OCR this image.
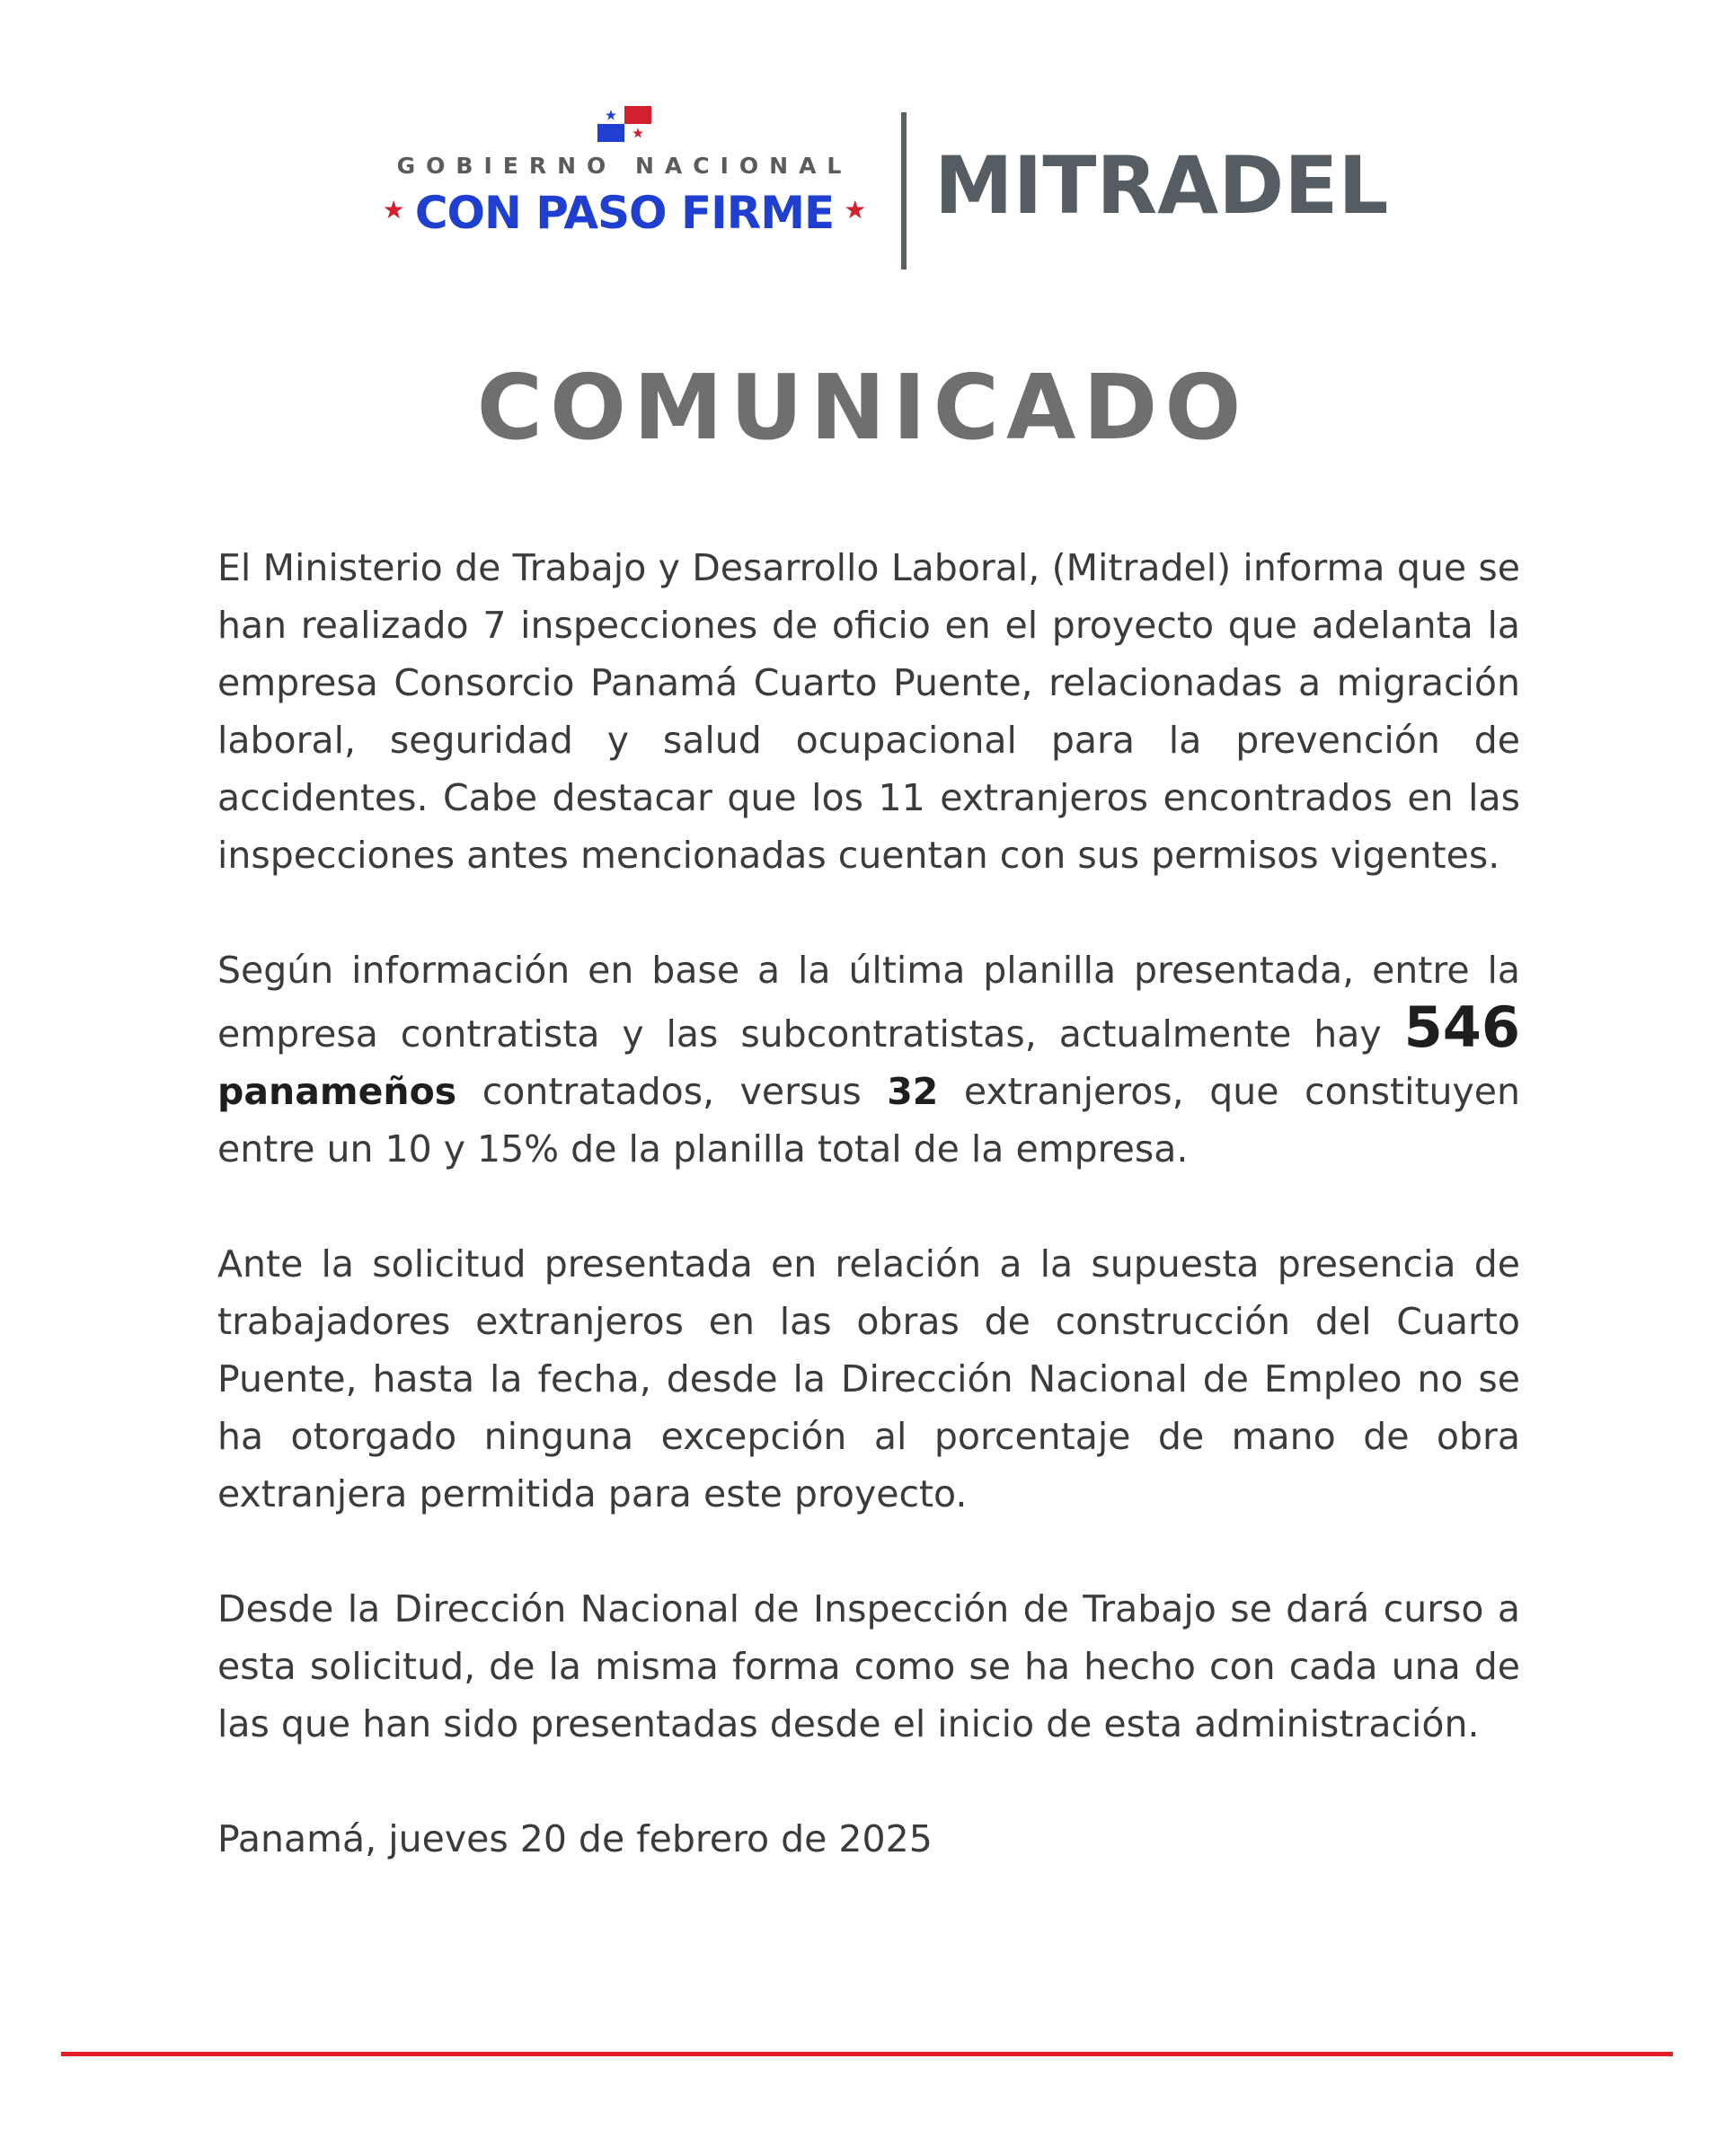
GOBIERNO NACIONAL
★ CON PASO FIRME ★ MITRADEL
COMUNICADO

El Ministerio de Trabajo y Desarrollo Laboral, (Mitradel) informa que se han realizado 7 inspecciones de oficio en el proyecto que adelanta la empresa Consorcio Panamá Cuarto Puente, relacionadas a migración laboral, seguridad y salud ocupacional para la prevención de accidentes. Cabe destacar que los 11 extranjeros encontrados en las inspecciones antes mencionadas cuentan con sus permisos vigentes.

Según información en base a la última planilla presentada, entre la empresa contratista y las subcontratistas, actualmente hay 546 panameños contratados, versus 32 extranjeros, que constituyen entre un 10 y 15% de la planilla total de la empresa.

Ante la solicitud presentada en relación a la supuesta presencia de trabajadores extranjeros en las obras de construcción del Cuarto Puente, hasta la fecha, desde la Dirección Nacional de Empleo no se ha otorgado ninguna excepción al porcentaje de mano de obra extranjera permitida para este proyecto.

Desde la Dirección Nacional de Inspección de Trabajo se dará curso a esta solicitud, de la misma forma como se ha hecho con cada una de las que han sido presentadas desde el inicio de esta administración.

Panamá, jueves 20 de febrero de 2025
